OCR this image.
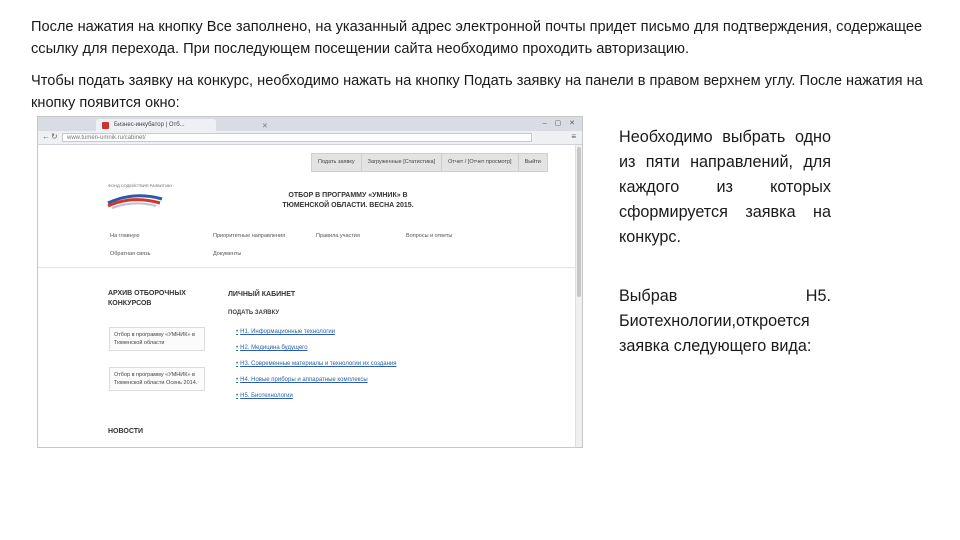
После нажатия на кнопку Все заполнено, на указанный адрес электронной почты придет письмо для подтверждения, содержащее ссылку для перехода. При последующем посещении сайта необходимо проходить авторизацию.
Чтобы подать заявку на конкурс, необходимо нажать на кнопку Подать заявку на панели в правом верхнем углу. После нажатия на кнопку появится окно:
Бизнес-инкубатор | Отб...	✕	‒ ▢ ✕
← ↻	www.tumen-umnik.ru/cabinet/	≡
Подать заявку	Загруженные [Статистика]	Отчет / [Отчет просмотр]	Выйти
ФОНД СОДЕЙСТВИЯ РАЗВИТИЮ
ОТБОР В ПРОГРАММУ «УМНИК» В ТЮМЕНСКОЙ ОБЛАСТИ. ВЕСНА 2015.
На главную	Приоритетные направления	Правила участия	Вопросы и ответы
Обратная связь	Документы
АРХИВ ОТБОРОЧНЫХ КОНКУРСОВ
Отбор в программу «УМНИК» в Тюменской области
Отбор в программу «УМНИК» в Тюменской области Осень 2014.
НОВОСТИ
ЛИЧНЫЙ КАБИНЕТ
ПОДАТЬ ЗАЯВКУ
• Н1. Информационные технологии
• Н2. Медицина будущего
• Н3. Современные материалы и технологии их создания
• Н4. Новые приборы и аппаратные комплексы
• Н5. Биотехнологии
Необходимо выбрать одно из пяти направлений, для каждого из которых сформируется заявка на
конкурс.
Выбрав Н5. Биотехнологии,откроется
заявка следующего вида:
